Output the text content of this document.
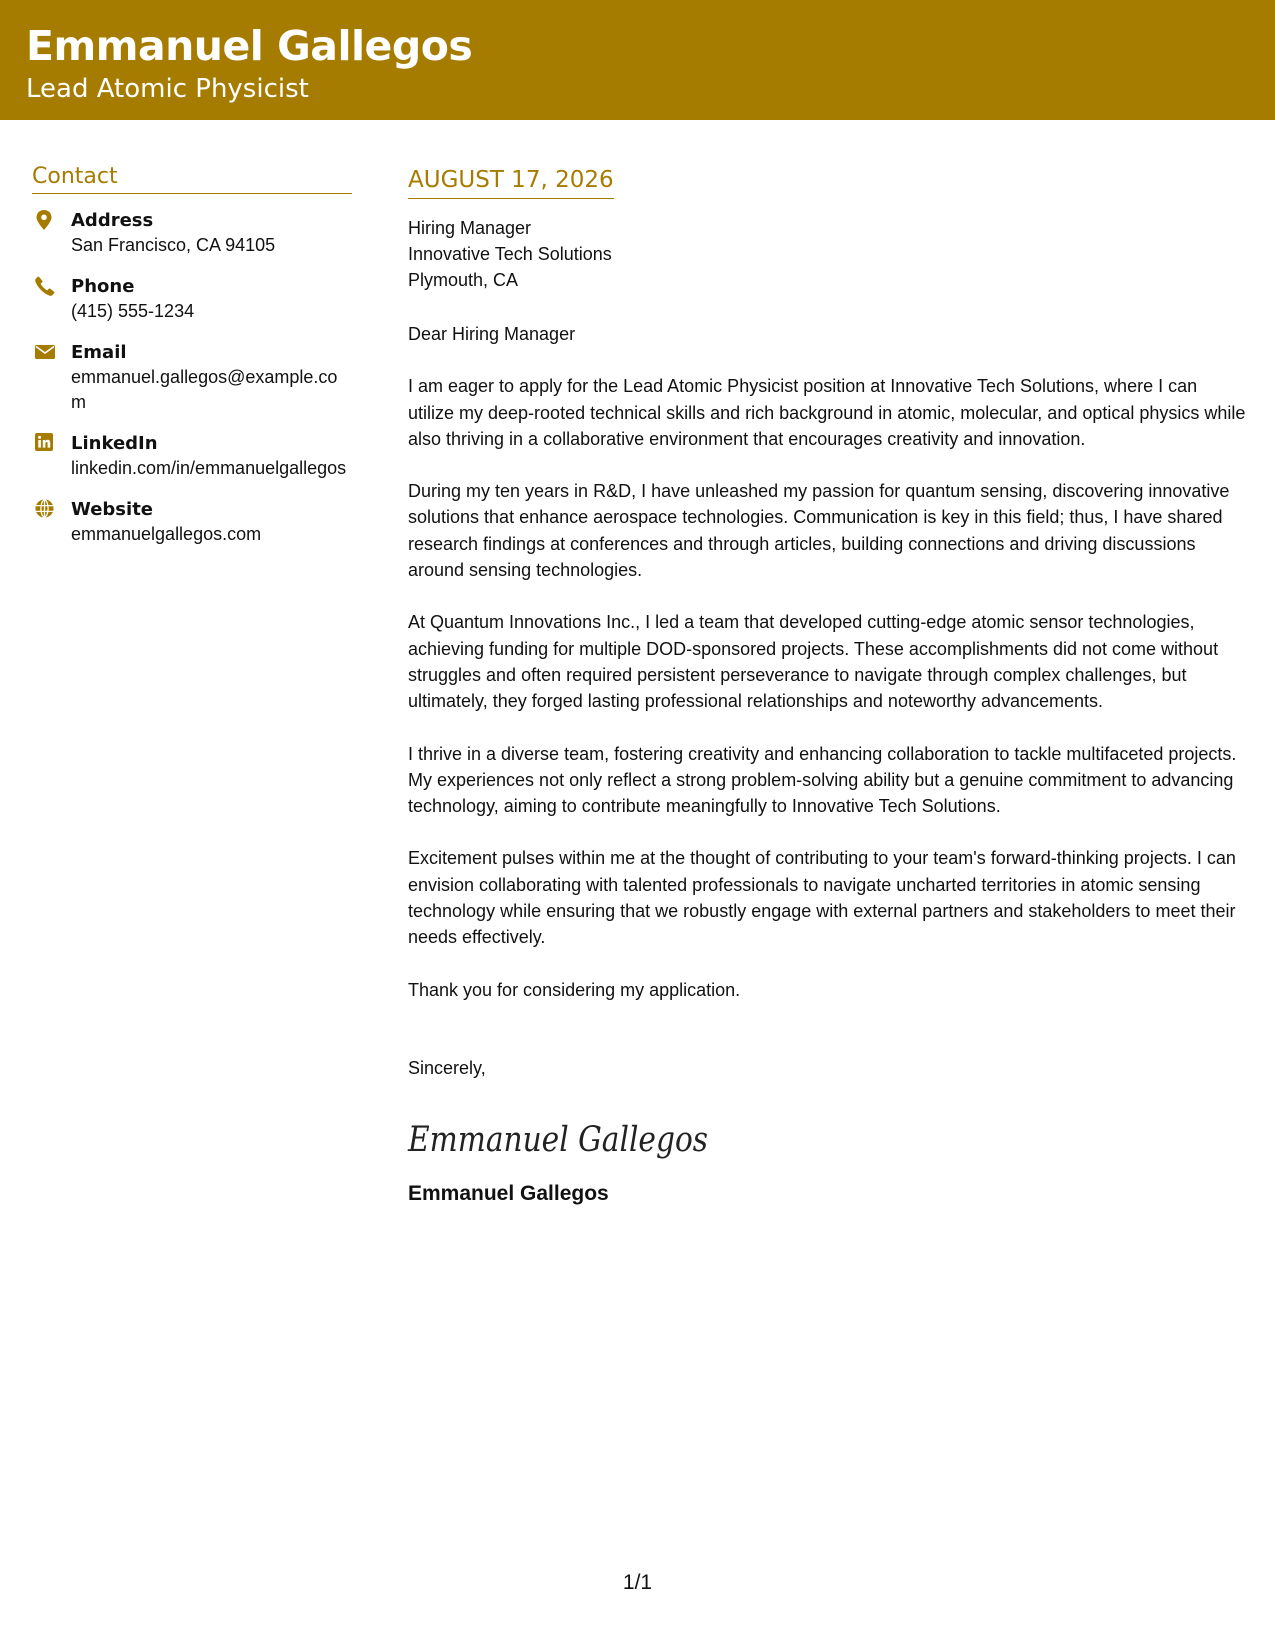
Emmanuel Gallegos
Lead Atomic Physicist
Contact
Address
San Francisco, CA 94105
Phone
(415) 555-1234
Email
emmanuel.gallegos@example.com
LinkedIn
linkedin.com/in/emmanuelgallegos
Website
emmanuelgallegos.com
AUGUST 17, 2026
Hiring Manager
Innovative Tech Solutions
Plymouth, CA
Dear Hiring Manager
I am eager to apply for the Lead Atomic Physicist position at Innovative Tech Solutions, where I can utilize my deep-rooted technical skills and rich background in atomic, molecular, and optical physics while also thriving in a collaborative environment that encourages creativity and innovation.
During my ten years in R&D, I have unleashed my passion for quantum sensing, discovering innovative solutions that enhance aerospace technologies. Communication is key in this field; thus, I have shared research findings at conferences and through articles, building connections and driving discussions around sensing technologies.
At Quantum Innovations Inc., I led a team that developed cutting-edge atomic sensor technologies, achieving funding for multiple DOD-sponsored projects. These accomplishments did not come without struggles and often required persistent perseverance to navigate through complex challenges, but ultimately, they forged lasting professional relationships and noteworthy advancements.
I thrive in a diverse team, fostering creativity and enhancing collaboration to tackle multifaceted projects. My experiences not only reflect a strong problem-solving ability but a genuine commitment to advancing technology, aiming to contribute meaningfully to Innovative Tech Solutions.
Excitement pulses within me at the thought of contributing to your team's forward-thinking projects. I can envision collaborating with talented professionals to navigate uncharted territories in atomic sensing technology while ensuring that we robustly engage with external partners and stakeholders to meet their needs effectively.
Thank you for considering my application.
Sincerely,
Emmanuel Gallegos
Emmanuel Gallegos
1/1
